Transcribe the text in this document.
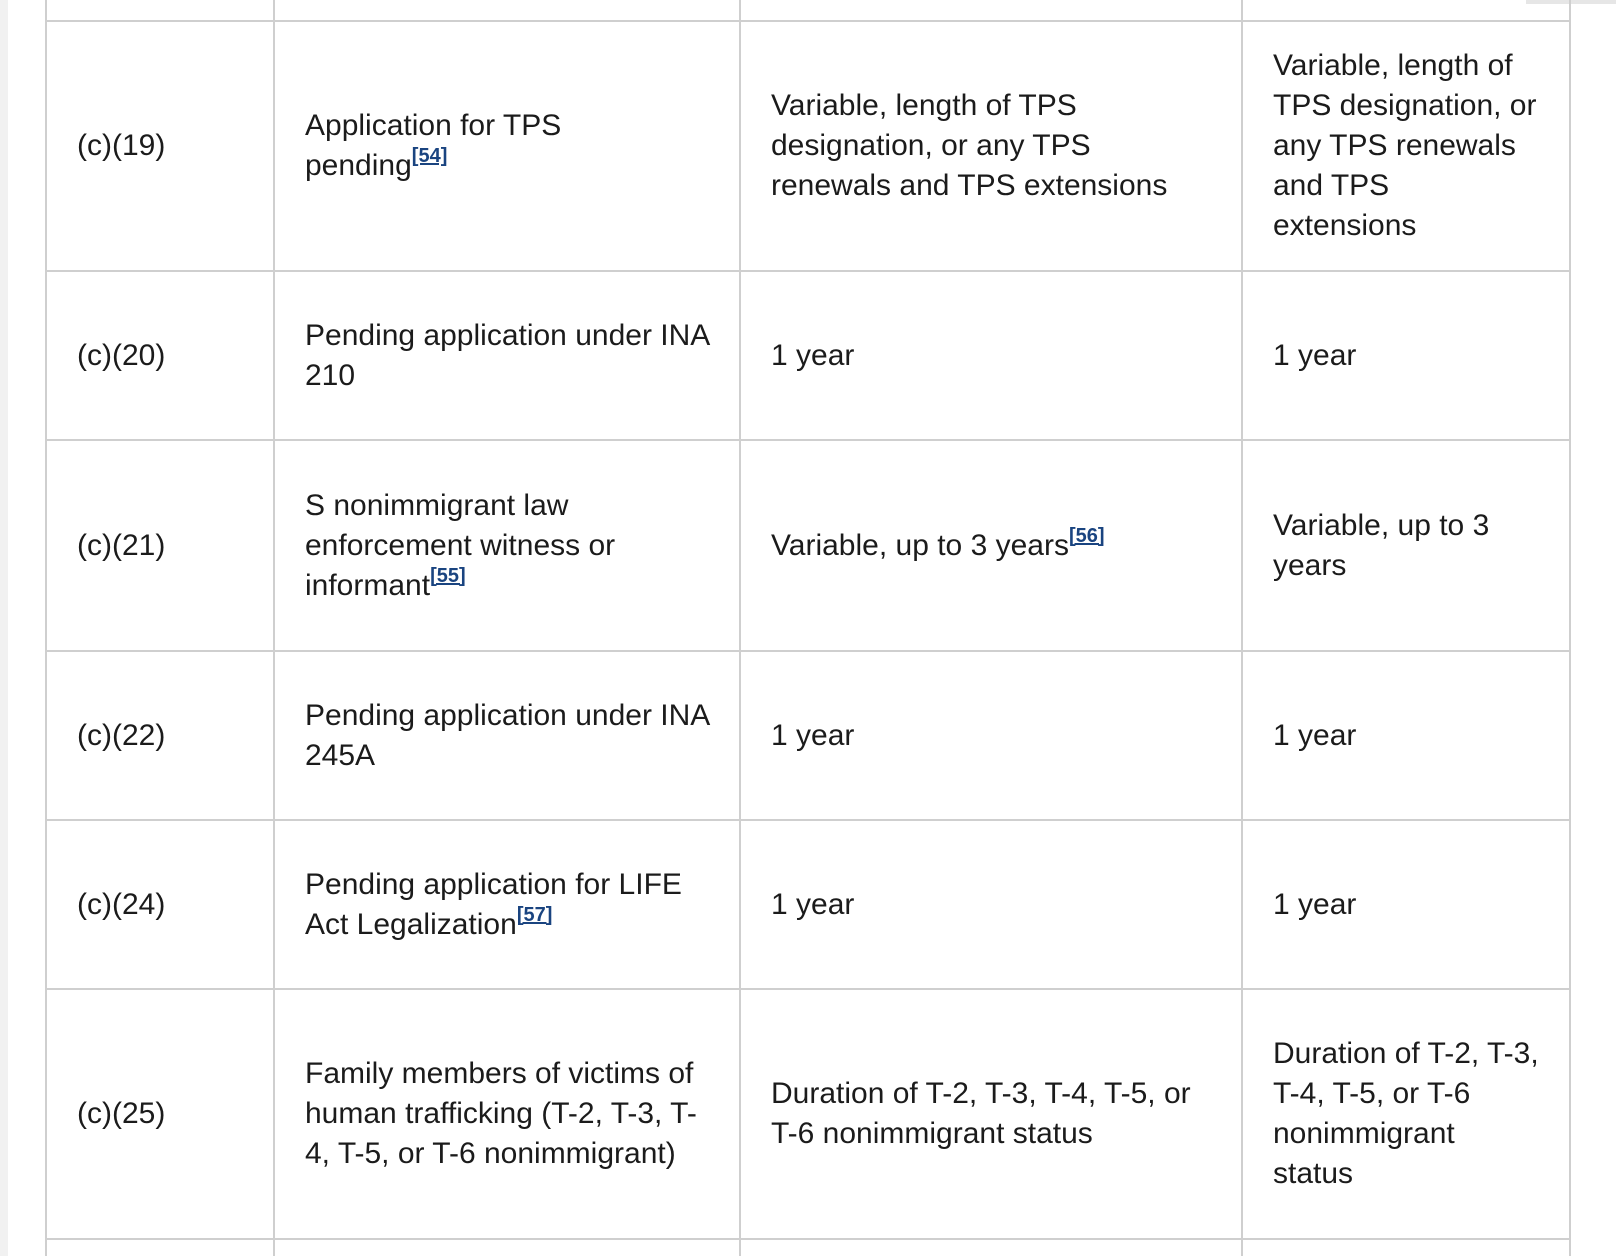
(c)(19)	Application for TPS pending[54]	Variable, length of TPS designation, or any TPS renewals and TPS extensions	Variable, length of TPS designation, or any TPS renewals and TPS extensions
(c)(20)	Pending application under INA 210	1 year	1 year
(c)(21)	S nonimmigrant law enforcement witness or informant[55]	Variable, up to 3 years[56]	Variable, up to 3 years
(c)(22)	Pending application under INA 245A	1 year	1 year
(c)(24)	Pending application for LIFE Act Legalization[57]	1 year	1 year
(c)(25)	Family members of victims of human trafficking (T-2, T-3, T-4, T-5, or T-6 nonimmigrant)	Duration of T-2, T-3, T-4, T-5, or T-6 nonimmigrant status	Duration of T-2, T-3, T-4, T-5, or T-6 nonimmigrant status
